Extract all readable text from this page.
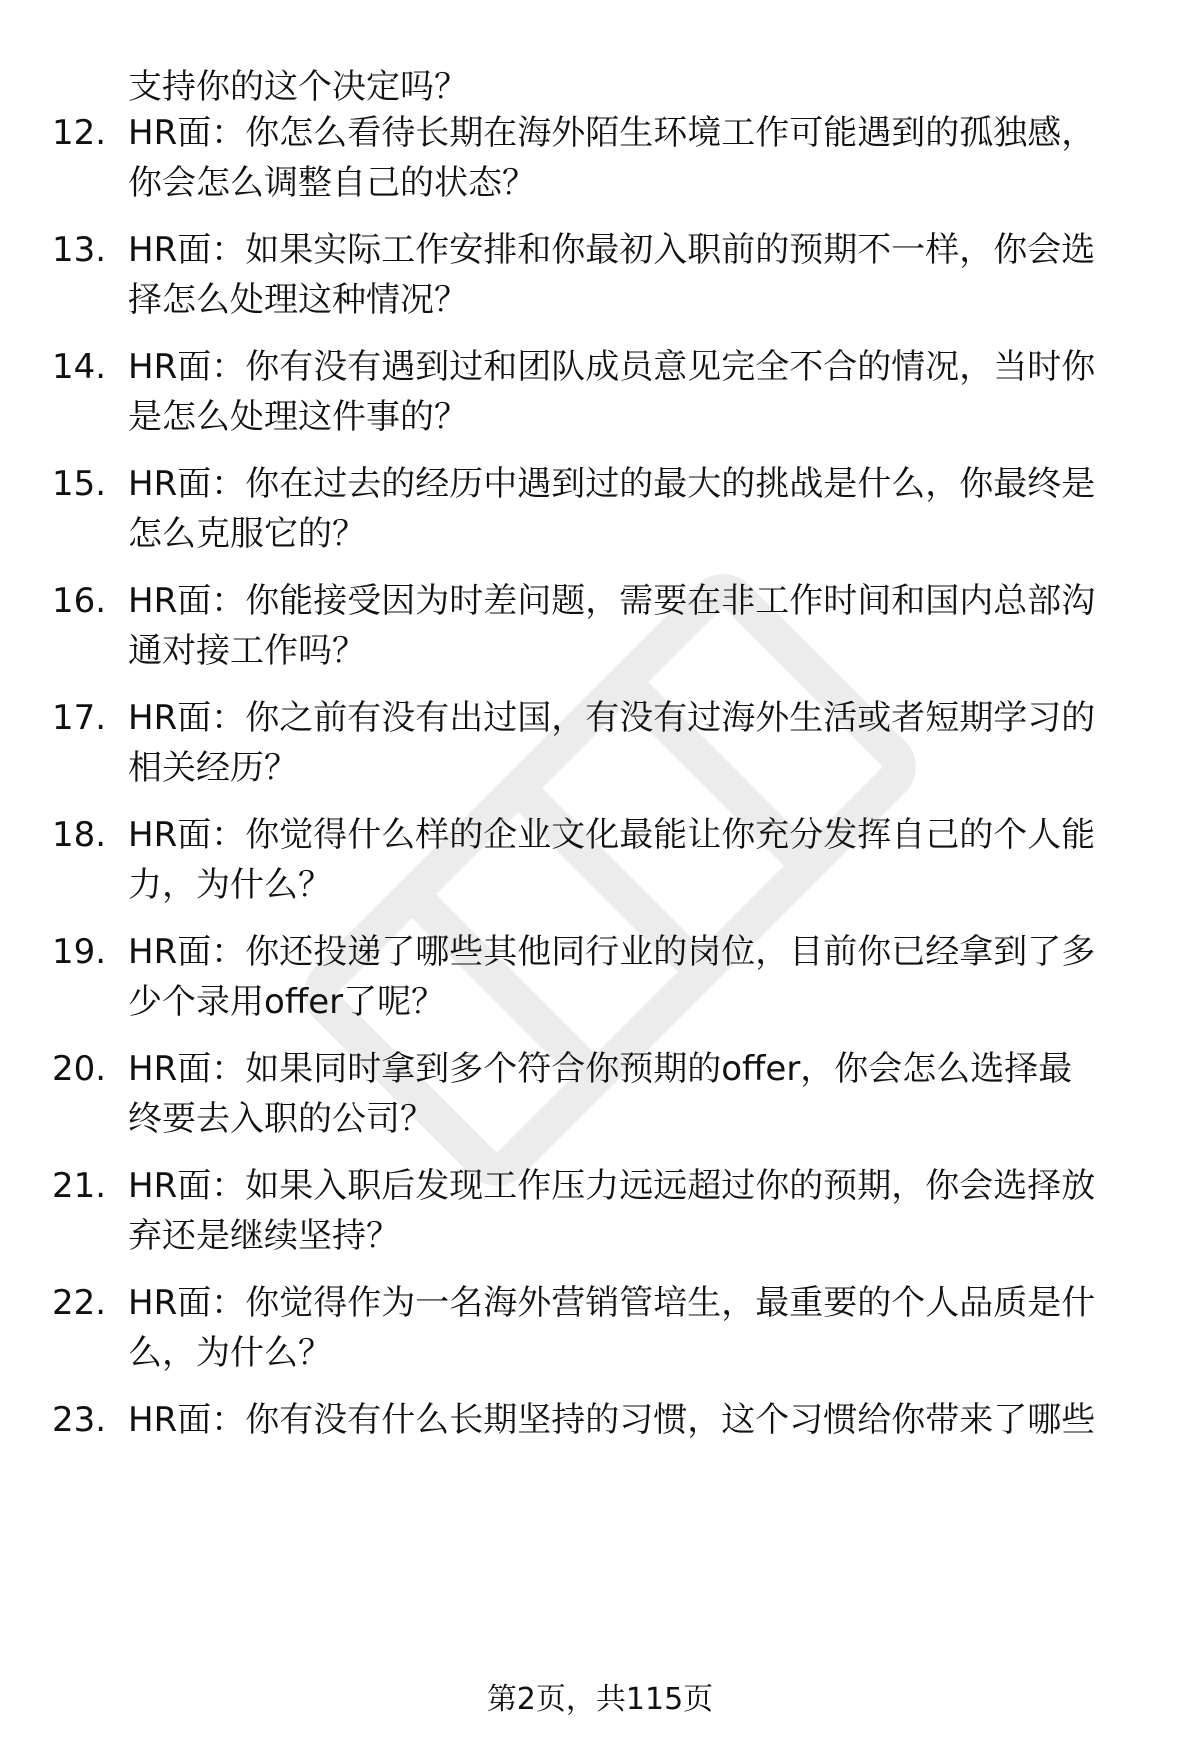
支持你的这个决定吗？
12. HR面：你怎么看待长期在海外陌生环境工作可能遇到的孤独感，
你会怎么调整自己的状态？
13. HR面：如果实际工作安排和你最初入职前的预期不一样，你会选
择怎么处理这种情况？
14. HR面：你有没有遇到过和团队成员意见完全不合的情况，当时你
是怎么处理这件事的？
15. HR面：你在过去的经历中遇到过的最大的挑战是什么，你最终是
怎么克服它的？
16. HR面：你能接受因为时差问题，需要在非工作时间和国内总部沟
通对接工作吗？
17. HR面：你之前有没有出过国，有没有过海外生活或者短期学习的
相关经历？
18. HR面：你觉得什么样的企业文化最能让你充分发挥自己的个人能
力，为什么？
19. HR面：你还投递了哪些其他同行业的岗位，目前你已经拿到了多
少个录用offer了呢？
20. HR面：如果同时拿到多个符合你预期的offer，你会怎么选择最
终要去入职的公司？
21. HR面：如果入职后发现工作压力远远超过你的预期，你会选择放
弃还是继续坚持？
22. HR面：你觉得作为一名海外营销管培生，最重要的个人品质是什
么，为什么？
23. HR面：你有没有什么长期坚持的习惯，这个习惯给你带来了哪些
第2页，共115页
